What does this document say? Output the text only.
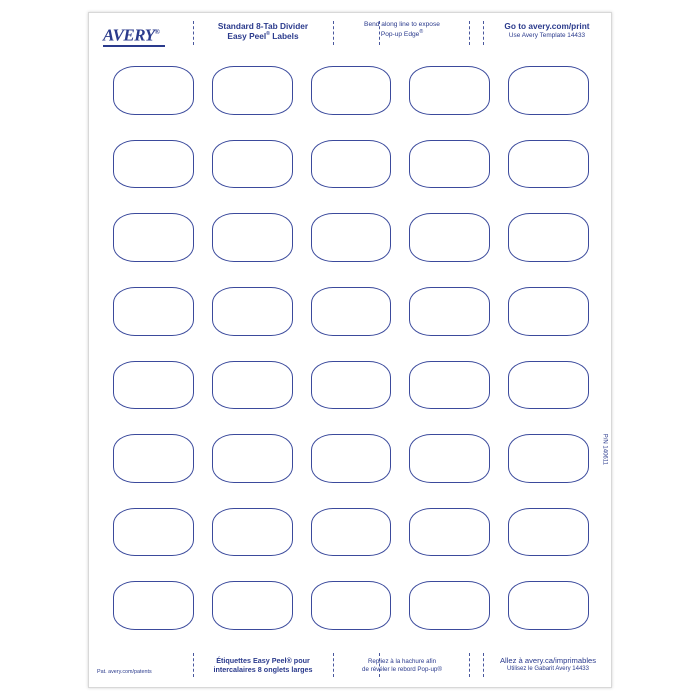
AVERY®
Standard 8-Tab Divider
Easy Peel® Labels
Bend along line to expose
Pop-up Edge®
Go to avery.com/print
Use Avery Template 14433
P/N 140611
Pat. avery.com/patents
Étiquettes Easy Peel® pour
intercalaires 8 onglets larges
Repliez à la hachure afin
de révéler le rebord Pop-up®
Allez à avery.ca/imprimables
Utilisez le Gabarit Avery 14433
